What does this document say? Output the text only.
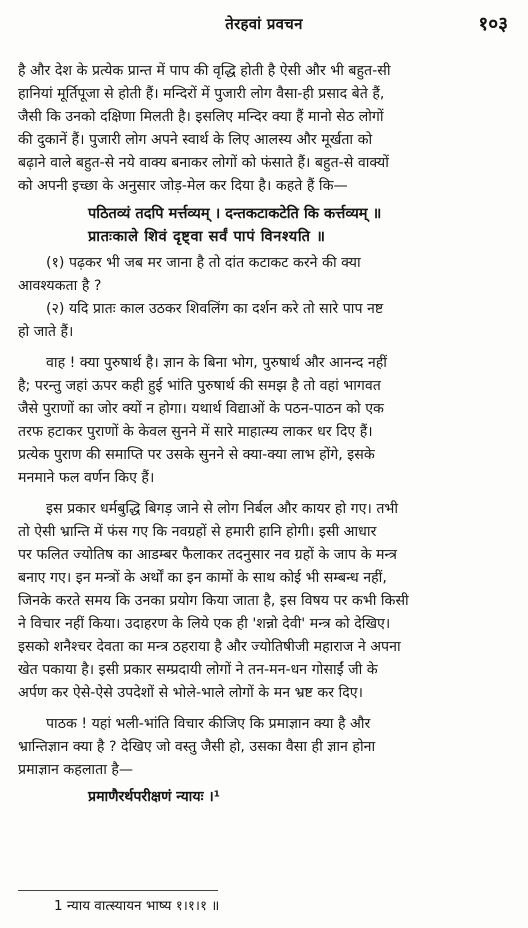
तेरहवां प्रवचन	१०३
है और देश के प्रत्येक प्रान्त में पाप की वृद्धि होती है ऐसी और भी बहुत-सी
हानियां मूर्तिपूजा से होती हैं। मन्दिरों में पुजारी लोग वैसा-ही प्रसाद बेते हैं,
जैसी कि उनको दक्षिणा मिलती है। इसलिए मन्दिर क्या हैं मानो सेठ लोगों
की दुकानें हैं। पुजारी लोग अपने स्वार्थ के लिए आलस्य और मूर्खता को
बढ़ाने वाले बहुत-से नये वाक्य बनाकर लोगों को फंसाते हैं। बहुत-से वाक्यों
को अपनी इच्छा के अनुसार जोड़-मेल कर दिया है। कहते हैं कि—
पठितव्यं तदपि मर्त्तव्यम् । दन्तकटाकटेति कि कर्त्तव्यम् ॥
प्रातःकाले शिवं दृष्ट्वा सर्वं पापं विनश्यति ॥
(१) पढ़कर भी जब मर जाना है तो दांत कटाकट करने की क्या
आवश्यकता है ?
(२) यदि प्रातः काल उठकर शिवलिंग का दर्शन करे तो सारे पाप नष्ट
हो जाते हैं।
वाह ! क्या पुरुषार्थ है। ज्ञान के बिना भोग, पुरुषार्थ और आनन्द नहीं
है; परन्तु जहां ऊपर कही हुई भांति पुरुषार्थ की समझ है तो वहां भागवत
जैसे पुराणों का जोर क्यों न होगा। यथार्थ विद्याओं के पठन-पाठन को एक
तरफ हटाकर पुराणों के केवल सुनने में सारे माहात्म्य लाकर धर दिए हैं।
प्रत्येक पुराण की समाप्ति पर उसके सुनने से क्या-क्या लाभ होंगे, इसके
मनमाने फल वर्णन किए हैं।
इस प्रकार धर्मबुद्धि बिगड़ जाने से लोग निर्बल और कायर हो गए। तभी
तो ऐसी भ्रान्ति में फंस गए कि नवग्रहों से हमारी हानि होगी। इसी आधार
पर फलित ज्योतिष का आडम्बर फैलाकर तदनुसार नव ग्रहों के जाप के मन्त्र
बनाए गए। इन मन्त्रों के अर्थों का इन कामों के साथ कोई भी सम्बन्ध नहीं,
जिनके करते समय कि उनका प्रयोग किया जाता है, इस विषय पर कभी किसी
ने विचार नहीं किया। उदाहरण के लिये एक ही 'शन्नो देवी' मन्त्र को देखिए।
इसको शनैश्चर देवता का मन्त्र ठहराया है और ज्योतिषीजी महाराज ने अपना
खेत पकाया है। इसी प्रकार सम्प्रदायी लोगों ने तन-मन-धन गोसाईं जी के
अर्पण कर ऐसे-ऐसे उपदेशों से भोले-भाले लोगों के मन भ्रष्ट कर दिए।
पाठक ! यहां भली-भांति विचार कीजिए कि प्रमाज्ञान क्या है और
भ्रान्तिज्ञान क्या है ? देखिए जो वस्तु जैसी हो, उसका वैसा ही ज्ञान होना
प्रमाज्ञान कहलाता है—
प्रमाणैरर्थपरीक्षणं न्यायः ।¹
1 न्याय वात्स्यायन भाष्य १।१।१ ॥
